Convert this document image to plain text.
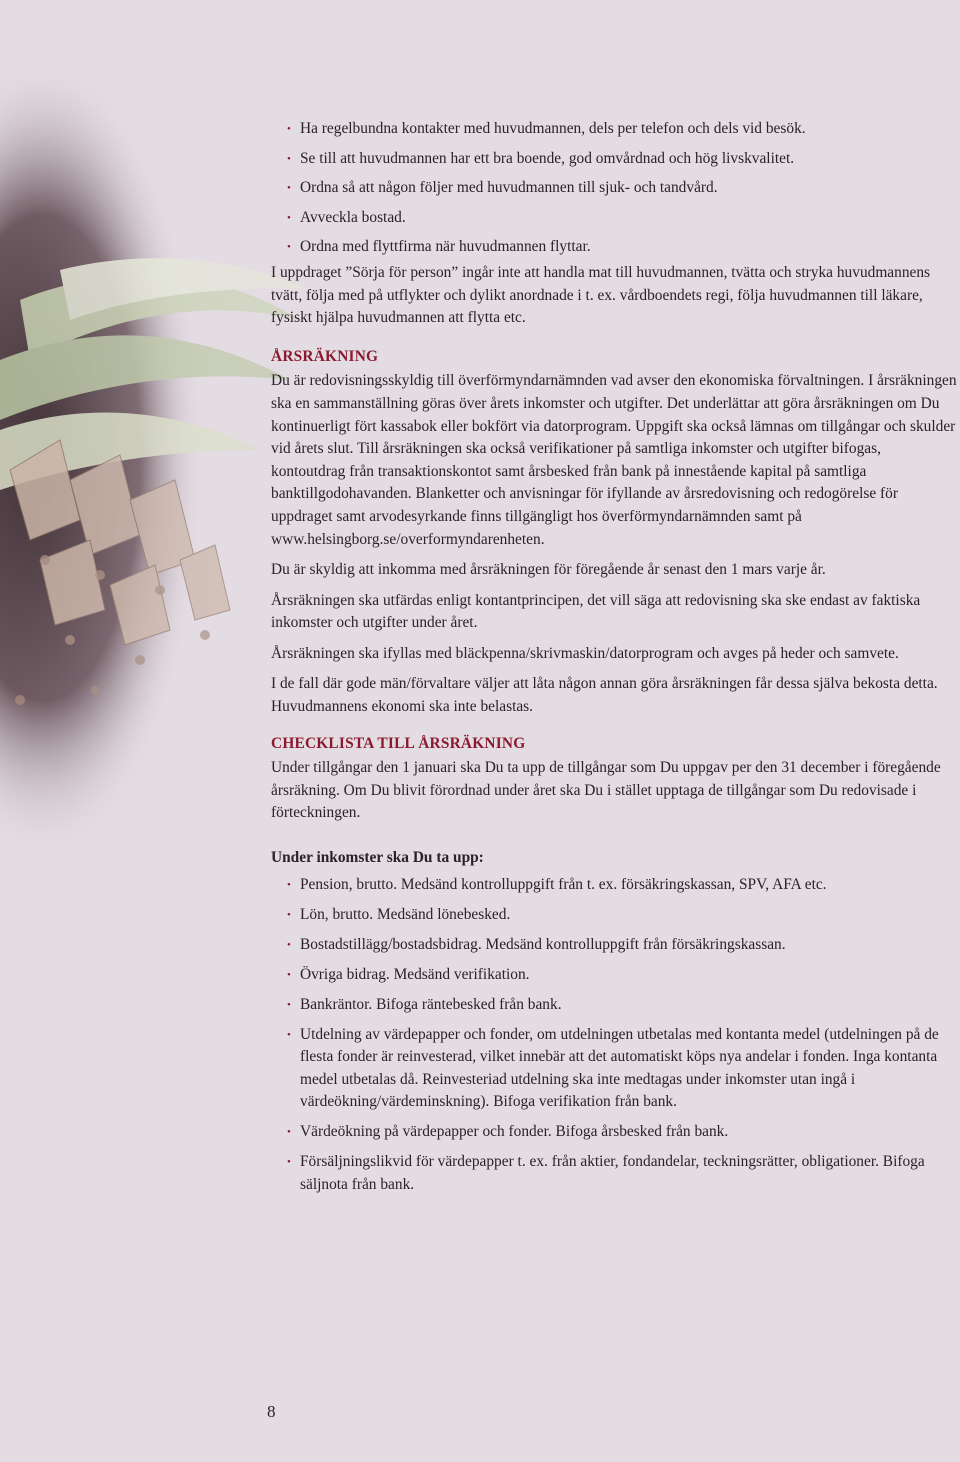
• Ha regelbundna kontakter med huvudmannen, dels per telefon och dels vid besök.
• Se till att huvudmannen har ett bra boende, god omvårdnad och hög livskvalitet.
• Ordna så att någon följer med huvudmannen till sjuk- och tandvård.
• Avveckla bostad.
• Ordna med flyttfirma när huvudmannen flyttar.

I uppdraget ”Sörja för person” ingår inte att handla mat till huvudmannen, tvätta och stryka huvudmannens tvätt, följa med på utflykter och dylikt anordnade i t. ex. vårdboendets regi, följa huvudmannen till läkare, fysiskt hjälpa huvudmannen att flytta etc.

ÅRSRÄKNING

Du är redovisningsskyldig till överförmyndarnämnden vad avser den ekonomiska förvaltningen. I årsräkningen ska en sammanställning göras över årets inkomster och utgifter. Det underlättar att göra årsräkningen om Du kontinuerligt fört kassabok eller bokfört via datorprogram. Uppgift ska också lämnas om tillgångar och skulder vid årets slut. Till årsräkningen ska också verifikationer på samtliga inkomster och utgifter bifogas, kontoutdrag från transaktionskontot samt årsbesked från bank på innestående kapital på samtliga banktillgodohavanden. Blanketter och anvisningar för ifyllande av årsredovisning och redogörelse för uppdraget samt arvodesyrkande finns tillgängligt hos överförmyndarnämnden samt på www.helsingborg.se/overformyndarenheten.

Du är skyldig att inkomma med årsräkningen för föregående år senast den 1 mars varje år.

Årsräkningen ska utfärdas enligt kontantprincipen, det vill säga att redovisning ska ske endast av faktiska inkomster och utgifter under året.

Årsräkningen ska ifyllas med bläckpenna/skrivmaskin/datorprogram och avges på heder och samvete.

I de fall där gode män/förvaltare väljer att låta någon annan göra årsräkningen får dessa själva bekosta detta. Huvudmannens ekonomi ska inte belastas.

CHECKLISTA TILL ÅRSRÄKNING

Under tillgångar den 1 januari ska Du ta upp de tillgångar som Du uppgav per den 31 december i föregående årsräkning. Om Du blivit förordnad under året ska Du i stället upptaga de tillgångar som Du redovisade i förteckningen.

Under inkomster ska Du ta upp:
• Pension, brutto. Medsänd kontrolluppgift från t. ex. försäkringskassan, SPV, AFA etc.
• Lön, brutto. Medsänd lönebesked.
• Bostadstillägg/bostadsbidrag. Medsänd kontrolluppgift från försäkringskassan.
• Övriga bidrag. Medsänd verifikation.
• Bankräntor. Bifoga räntebesked från bank.
• Utdelning av värdepapper och fonder, om utdelningen utbetalas med kontanta medel (utdelningen på de flesta fonder är reinvesterad, vilket innebär att det automatiskt köps nya andelar i fonden. Inga kontanta medel utbetalas då. Reinvesteriad utdelning ska inte medtagas under inkomster utan ingå i värdeökning/värdeminskning). Bifoga verifikation från bank.
• Värdeökning på värdepapper och fonder. Bifoga årsbesked från bank.
• Försäljningslikvid för värdepapper t. ex. från aktier, fondandelar, teckningsrätter, obligationer. Bifoga säljnota från bank.
8
